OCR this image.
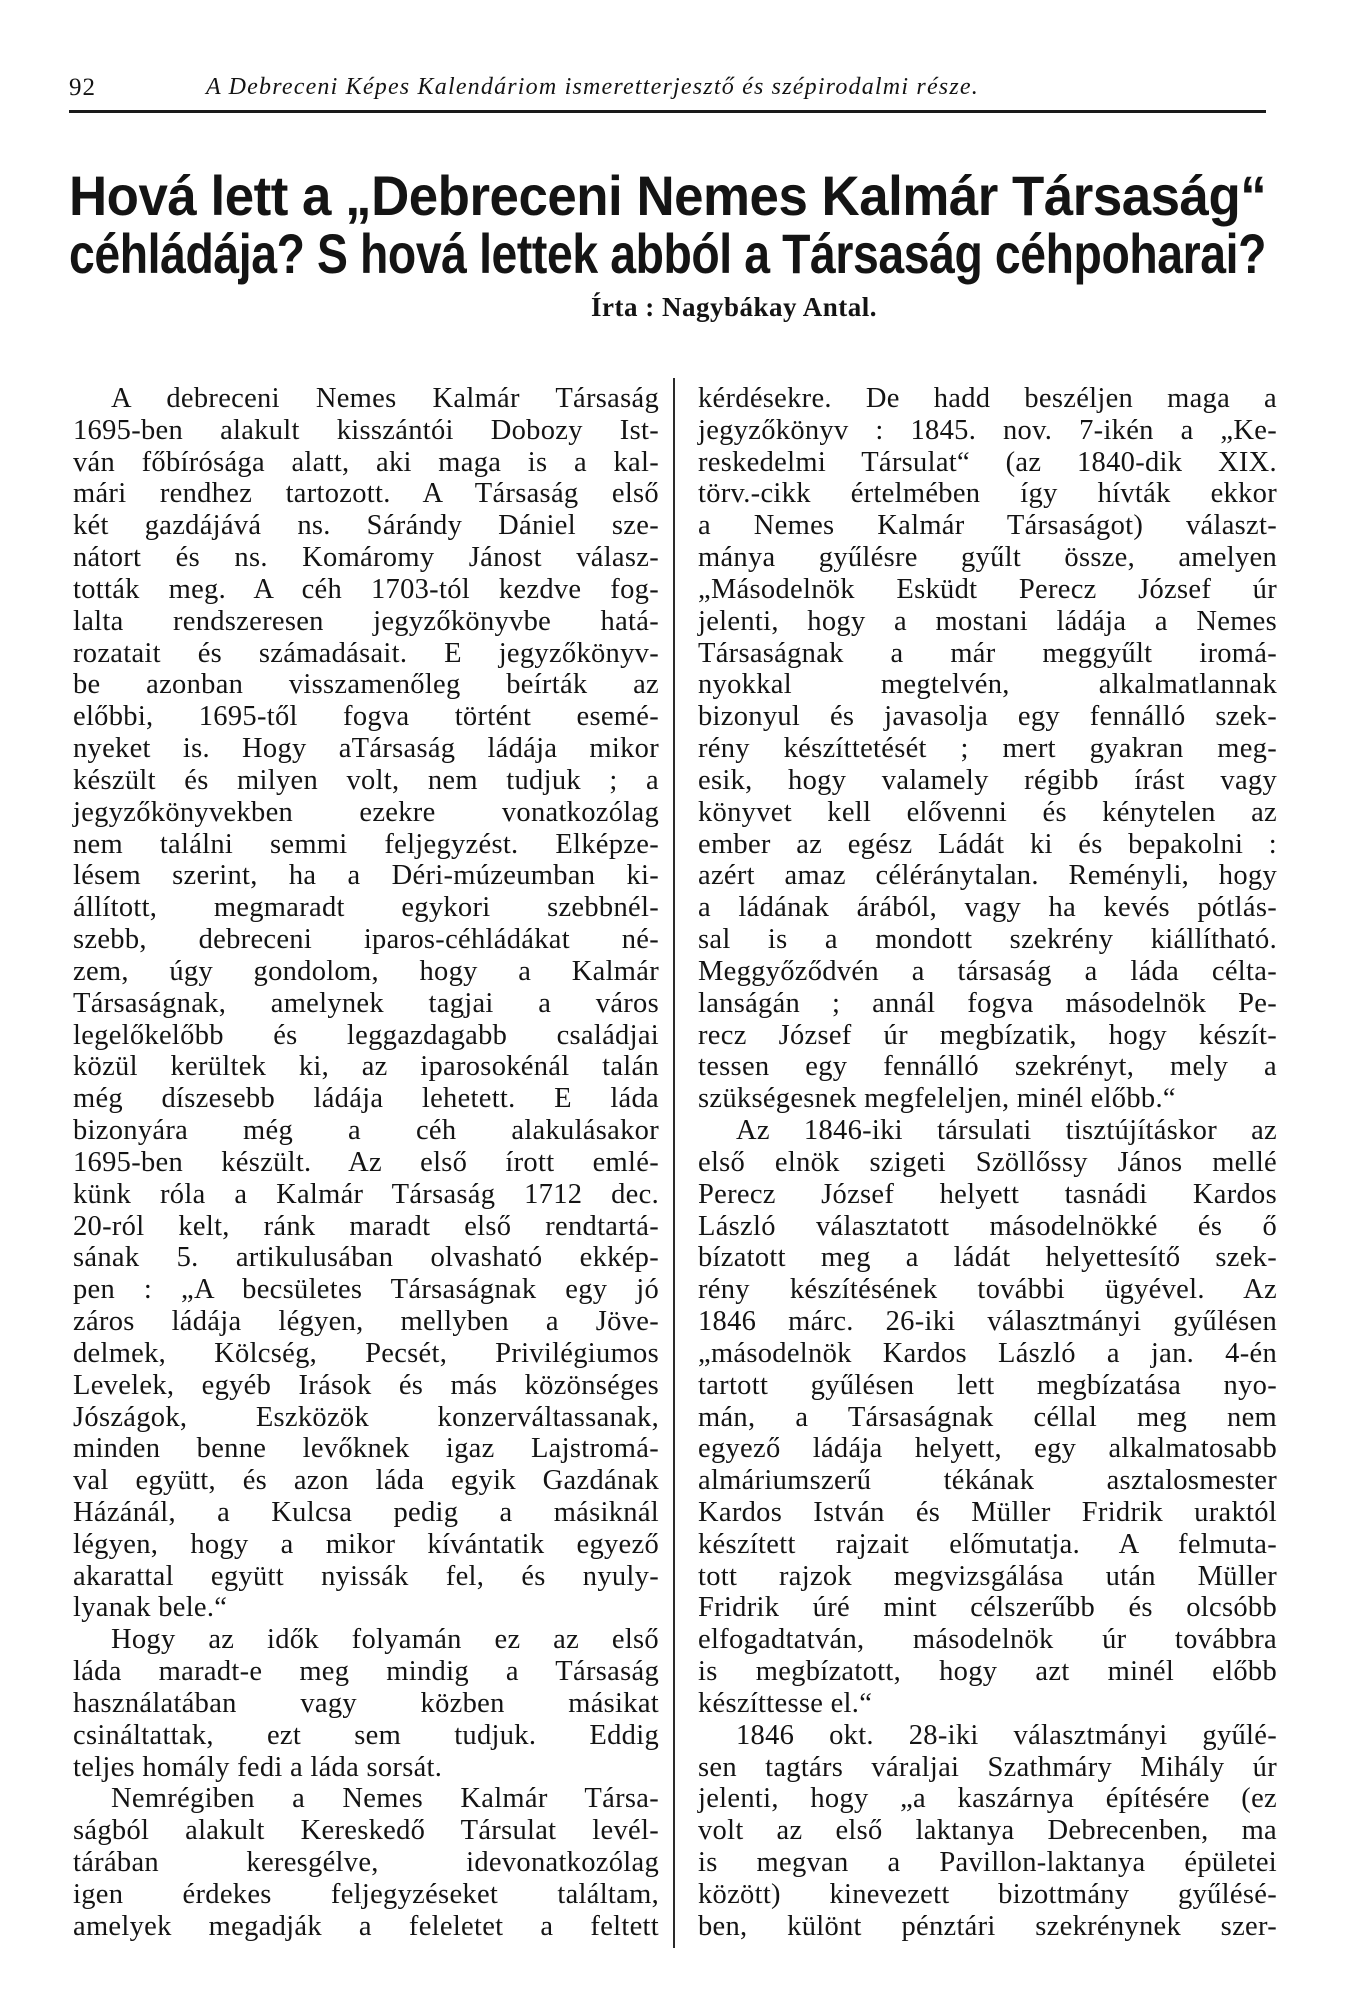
92	A Debreceni Képes Kalendáriom ismeretterjesztő és szépirodalmi része.
Hová lett a „Debreceni Nemes Kalmár Társaság“
céhládája? S hová lettek abból a Társaság céhpoharai?
Írta : Nagybákay Antal.
A debreceni Nemes Kalmár Társaság
1695-ben alakult kisszántói Dobozy Ist-
ván főbírósága alatt, aki maga is a kal-
mári rendhez tartozott. A Társaság első
két gazdájává ns. Sárándy Dániel sze-
nátort és ns. Komáromy Jánost válasz-
tották meg. A céh 1703-tól kezdve fog-
lalta rendszeresen jegyzőkönyvbe hatá-
rozatait és számadásait. E jegyzőkönyv-
be azonban visszamenőleg beírták az
előbbi, 1695-től fogva történt esemé-
nyeket is. Hogy aTársaság ládája mikor
készült és milyen volt, nem tudjuk ; a
jegyzőkönyvekben ezekre vonatkozólag
nem találni semmi feljegyzést. Elképze-
lésem szerint, ha a Déri-múzeumban ki-
állított, megmaradt egykori szebbnél-
szebb, debreceni iparos-céhládákat né-
zem, úgy gondolom, hogy a Kalmár
Társaságnak, amelynek tagjai a város
legelőkelőbb és leggazdagabb családjai
közül kerültek ki, az iparosokénál talán
még díszesebb ládája lehetett. E láda
bizonyára még a céh alakulásakor
1695-ben készült. Az első írott emlé-
künk róla a Kalmár Társaság 1712 dec.
20-ról kelt, ránk maradt első rendtartá-
sának 5. artikulusában olvasható ekkép-
pen : „A becsületes Társaságnak egy jó
záros ládája légyen, mellyben a Jöve-
delmek, Kölcség, Pecsét, Privilégiumos
Levelek, egyéb Irások és más közönséges
Jószágok, Eszközök konzerváltassanak,
minden benne levőknek igaz Lajstromá-
val együtt, és azon láda egyik Gazdának
Házánál, a Kulcsa pedig a másiknál
légyen, hogy a mikor kívántatik egyező
akarattal együtt nyissák fel, és nyuly-
lyanak bele.“
Hogy az idők folyamán ez az első
láda maradt-e meg mindig a Társaság
használatában vagy közben másikat
csináltattak, ezt sem tudjuk. Eddig
teljes homály fedi a láda sorsát.
Nemrégiben a Nemes Kalmár Társa-
ságból alakult Kereskedő Társulat levél-
tárában keresgélve, idevonatkozólag
igen érdekes feljegyzéseket találtam,
amelyek megadják a feleletet a feltett
kérdésekre. De hadd beszéljen maga a
jegyzőkönyv : 1845. nov. 7-ikén a „Ke-
reskedelmi Társulat“ (az 1840-dik XIX.
törv.-cikk értelmében így hívták ekkor
a Nemes Kalmár Társaságot) választ-
mánya gyűlésre gyűlt össze, amelyen
„Másodelnök Esküdt Perecz József úr
jelenti, hogy a mostani ládája a Nemes
Társaságnak a már meggyűlt iromá-
nyokkal megtelvén, alkalmatlannak
bizonyul és javasolja egy fennálló szek-
rény készíttetését ; mert gyakran meg-
esik, hogy valamely régibb írást vagy
könyvet kell elővenni és kénytelen az
ember az egész Ládát ki és bepakolni :
azért amaz céléránytalan. Reményli, hogy
a ládának árából, vagy ha kevés pótlás-
sal is a mondott szekrény kiállítható.
Meggyőződvén a társaság a láda célta-
lanságán ; annál fogva másodelnök Pe-
recz József úr megbízatik, hogy készít-
tessen egy fennálló szekrényt, mely a
szükségesnek megfeleljen, minél előbb.“
Az 1846-iki társulati tisztújításkor az
első elnök szigeti Szöllőssy János mellé
Perecz József helyett tasnádi Kardos
László választatott másodelnökké és ő
bízatott meg a ládát helyettesítő szek-
rény készítésének további ügyével. Az
1846 márc. 26-iki választmányi gyűlésen
„másodelnök Kardos László a jan. 4-én
tartott gyűlésen lett megbízatása nyo-
mán, a Társaságnak céllal meg nem
egyező ládája helyett, egy alkalmatosabb
almáriumszerű tékának asztalosmester
Kardos István és Müller Fridrik uraktól
készített rajzait előmutatja. A felmuta-
tott rajzok megvizsgálása után Müller
Fridrik úré mint célszerűbb és olcsóbb
elfogadtatván, másodelnök úr továbbra
is megbízatott, hogy azt minél előbb
készíttesse el.“
1846 okt. 28-iki választmányi gyűlé-
sen tagtárs váraljai Szathmáry Mihály úr
jelenti, hogy „a kaszárnya építésére (ez
volt az első laktanya Debrecenben, ma
is megvan a Pavillon-laktanya épületei
között) kinevezett bizottmány gyűlésé-
ben, különt pénztári szekrénynek szer-
